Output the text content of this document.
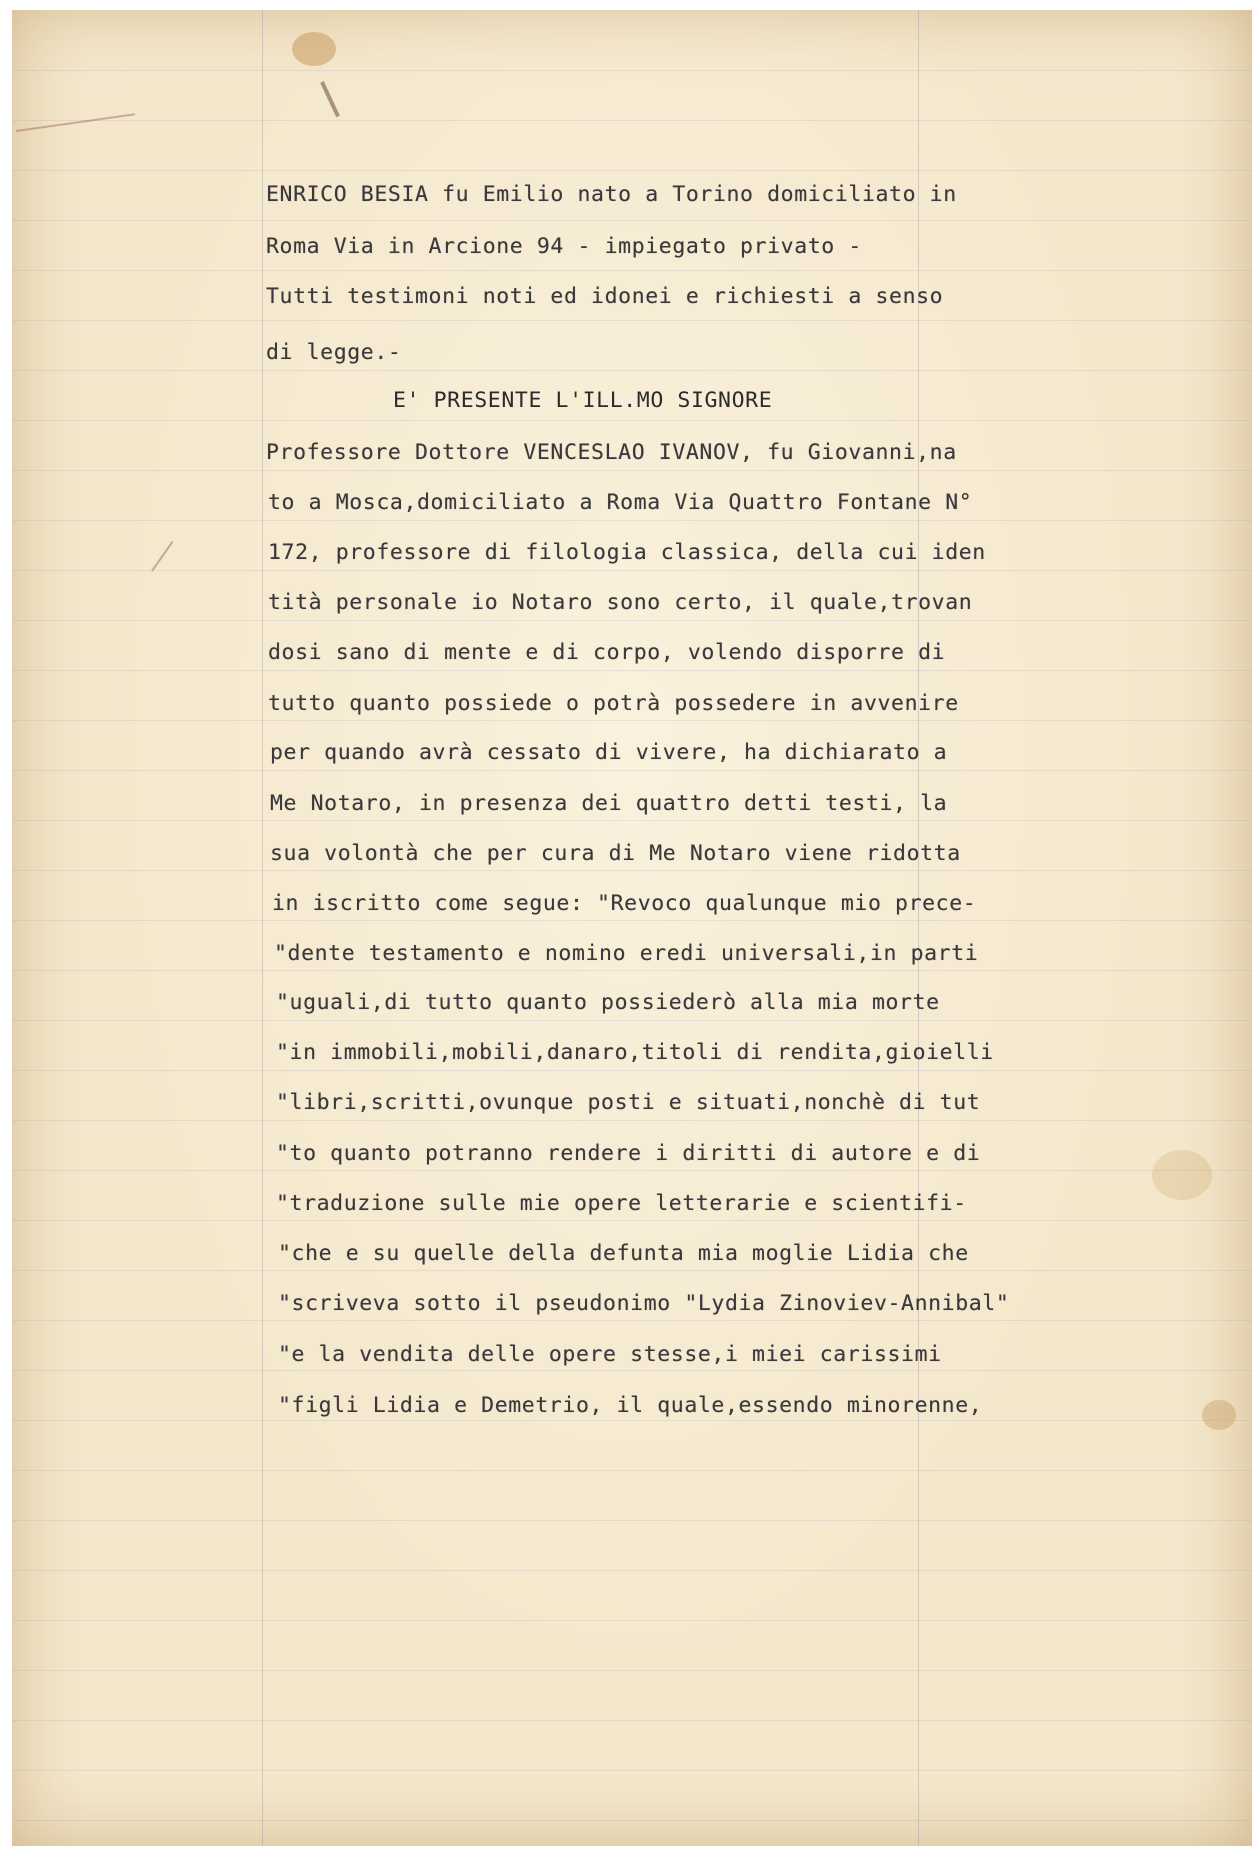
ENRICO BESIA fu Emilio nato a Torino domiciliato in
Roma Via in Arcione 94 - impiegato privato -
Tutti testimoni noti ed idonei e richiesti a senso
di legge.-
E' PRESENTE L'ILL.MO SIGNORE
Professore Dottore VENCESLAO IVANOV, fu Giovanni,na
to a Mosca,domiciliato a Roma Via Quattro Fontane N°
172, professore di filologia classica, della cui iden
tità personale io Notaro sono certo, il quale,trovan
dosi sano di mente e di corpo, volendo disporre di
tutto quanto possiede o potrà possedere in avvenire
per quando avrà cessato di vivere, ha dichiarato a
Me Notaro, in presenza dei quattro detti testi, la
sua volontà che per cura di Me Notaro viene ridotta
in iscritto come segue: "Revoco qualunque mio prece-
"dente testamento e nomino eredi universali,in parti
"uguali,di tutto quanto possiederò alla mia morte
"in immobili,mobili,danaro,titoli di rendita,gioielli
"libri,scritti,ovunque posti e situati,nonchè di tut
"to quanto potranno rendere i diritti di autore e di
"traduzione sulle mie opere letterarie e scientifi-
"che e su quelle della defunta mia moglie Lidia che
"scriveva sotto il pseudonimo "Lydia Zinoviev-Annibal"
"e la vendita delle opere stesse,i miei carissimi
"figli Lidia e Demetrio, il quale,essendo minorenne,
